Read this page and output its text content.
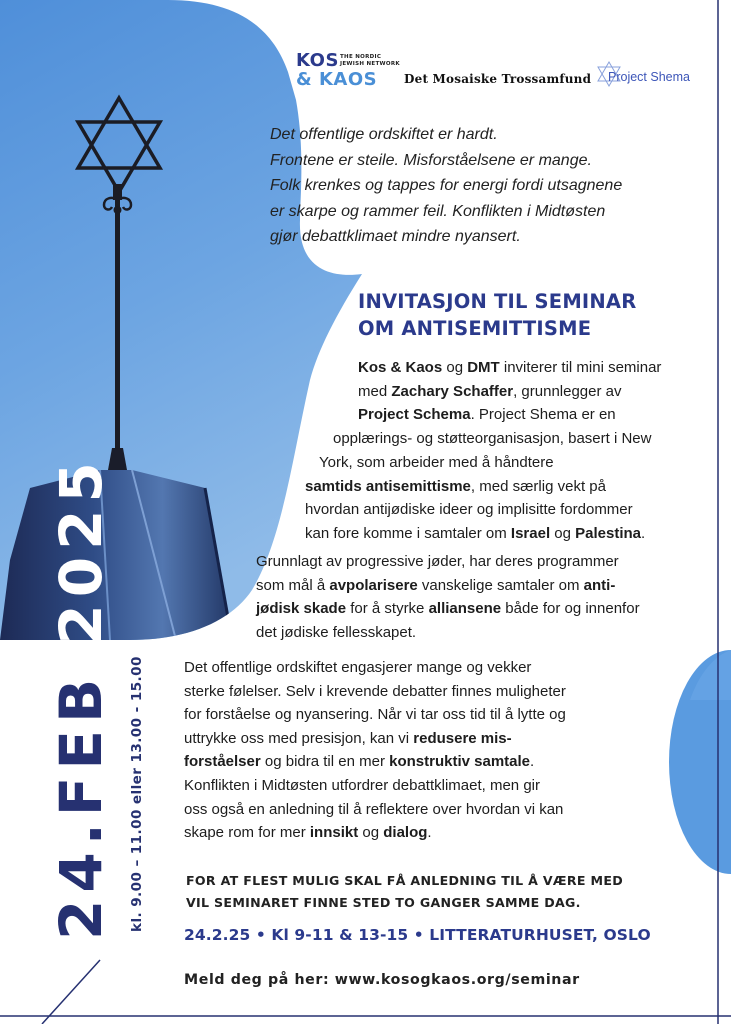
KOS
& KAOS
THE NORDIC JEWISH NETWORK
Det Mosaiske Trossamfund Project Shema

Det offentlige ordskiftet er hardt.
Frontene er steile. Misforståelsene er mange.
Folk krenkes og tappes for energi fordi utsagnene
er skarpe og rammer feil. Konflikten i Midtøsten
gjør debattklimaet mindre nyansert.

INVITASJON TIL SEMINAR
OM ANTISEMITTISME
Kos & Kaos og DMT inviterer til mini seminar
med Zachary Schaffer, grunnlegger av
Project Schema. Project Shema er en
opplærings- og støtteorganisasjon, basert i New
York, som arbeider med å håndtere
samtids antisemittisme, med særlig vekt på
hvordan antijødiske ideer og implisitte fordommer
kan fore komme i samtaler om Israel og Palestina.
Grunnlagt av progressive jøder, har deres programmer
som mål å avpolarisere vanskelige samtaler om anti-
jødisk skade for å styrke alliansene både for og innenfor
det jødiske fellesskapet.
Det offentlige ordskiftet engasjerer mange og vekker
sterke følelser. Selv i krevende debatter finnes muligheter
for forståelse og nyansering. Når vi tar oss tid til å lytte og
uttrykke oss med presisjon, kan vi redusere mis-
forståelser og bidra til en mer konstruktiv samtale.
Konflikten i Midtøsten utfordrer debattklimaet, men gir
oss også en anledning til å reflektere over hvordan vi kan
skape rom for mer innsikt og dialog.

FOR AT FLEST MULIG SKAL FÅ ANLEDNING TIL Å VÆRE MED
VIL SEMINARET FINNE STED TO GANGER SAMME DAG.

24.2.25 • Kl 9-11 & 13-15 • LITTERATURHUSET, OSLO

Meld deg på her: www.kosogkaos.org/seminar

24.FEB 2025
kl. 9.00 – 11.00 eller 13.00 - 15.00
